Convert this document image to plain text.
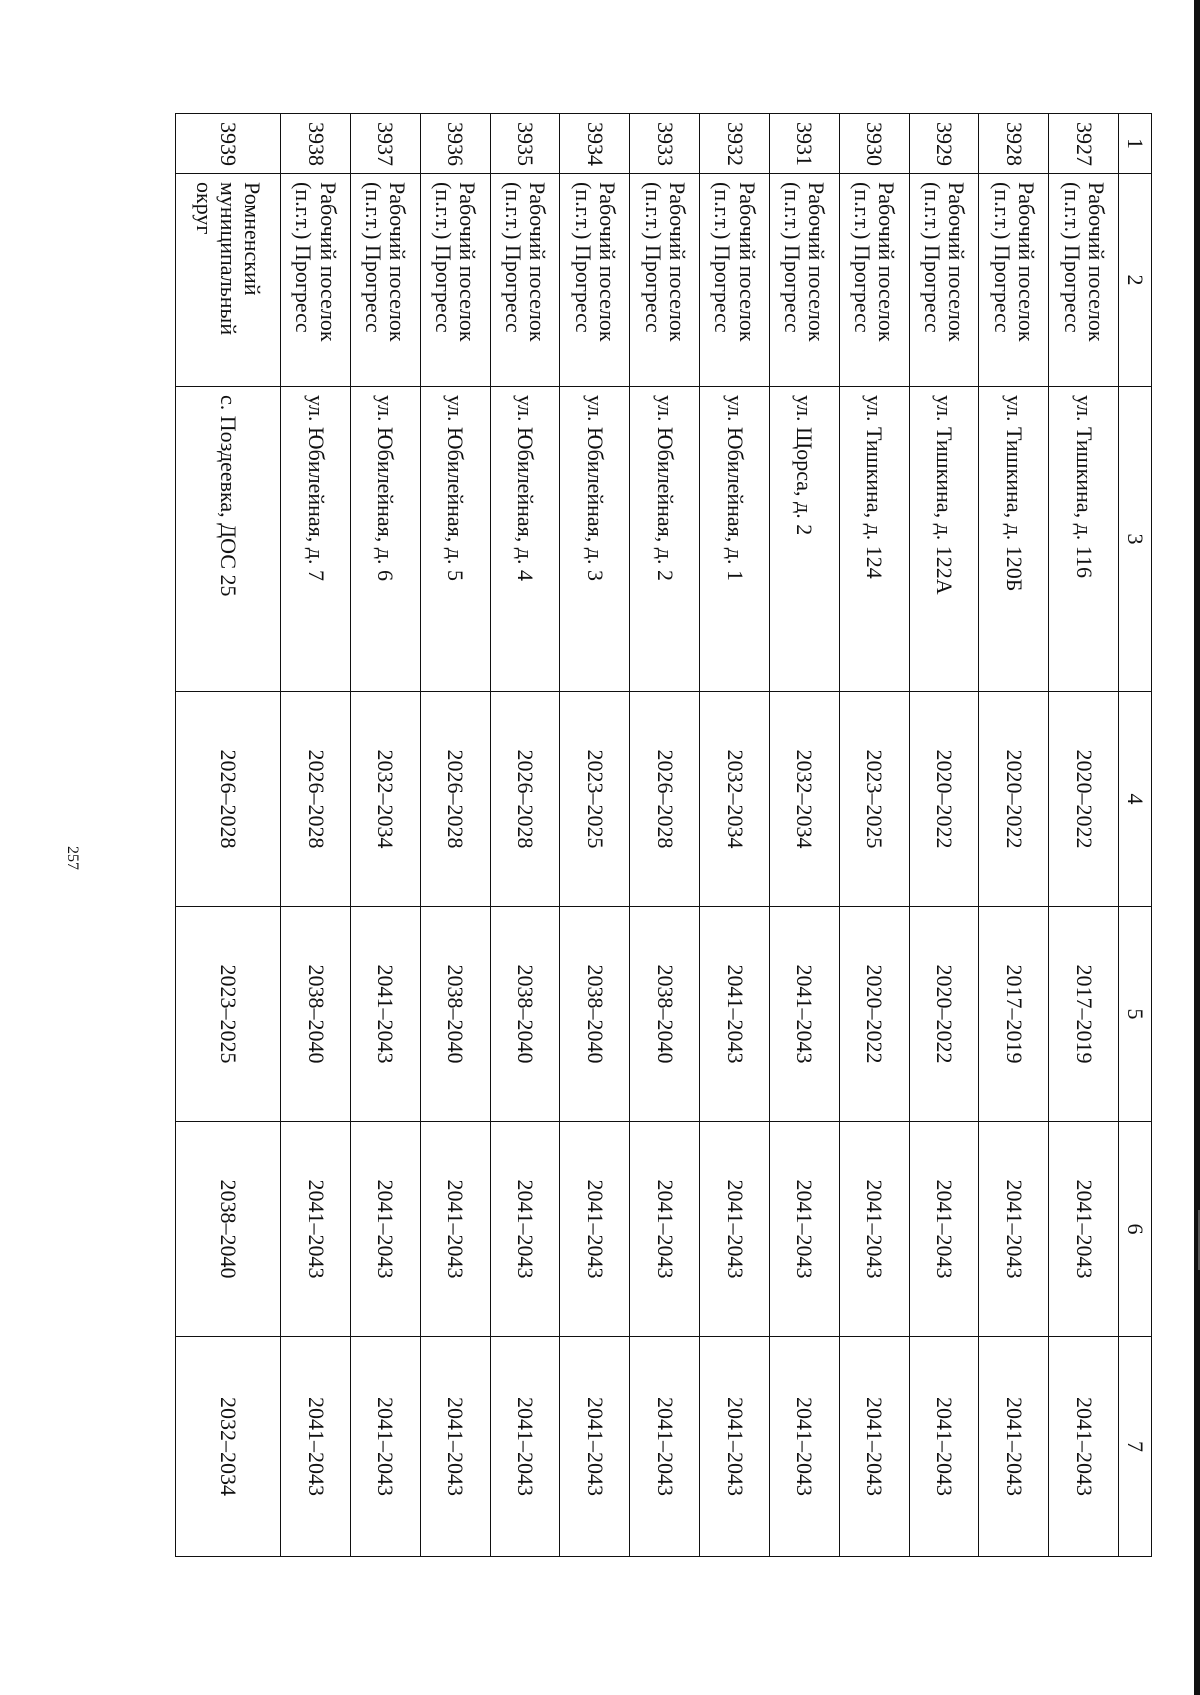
257
1	2	3	4	5	6	7
3927	Рабочий поселок (п.г.т.) Прогресс	ул. Тишкина, д. 116	2020–2022	2017–2019	2041–2043	2041–2043
3928	Рабочий поселок (п.г.т.) Прогресс	ул. Тишкина, д. 120Б	2020–2022	2017–2019	2041–2043	2041–2043
3929	Рабочий поселок (п.г.т.) Прогресс	ул. Тишкина, д. 122А	2020–2022	2020–2022	2041–2043	2041–2043
3930	Рабочий поселок (п.г.т.) Прогресс	ул. Тишкина, д. 124	2023–2025	2020–2022	2041–2043	2041–2043
3931	Рабочий поселок (п.г.т.) Прогресс	ул. Щорса, д. 2	2032–2034	2041–2043	2041–2043	2041–2043
3932	Рабочий поселок (п.г.т.) Прогресс	ул. Юбилейная, д. 1	2032–2034	2041–2043	2041–2043	2041–2043
3933	Рабочий поселок (п.г.т.) Прогресс	ул. Юбилейная, д. 2	2026–2028	2038–2040	2041–2043	2041–2043
3934	Рабочий поселок (п.г.т.) Прогресс	ул. Юбилейная, д. 3	2023–2025	2038–2040	2041–2043	2041–2043
3935	Рабочий поселок (п.г.т.) Прогресс	ул. Юбилейная, д. 4	2026–2028	2038–2040	2041–2043	2041–2043
3936	Рабочий поселок (п.г.т.) Прогресс	ул. Юбилейная, д. 5	2026–2028	2038–2040	2041–2043	2041–2043
3937	Рабочий поселок (п.г.т.) Прогресс	ул. Юбилейная, д. 6	2032–2034	2041–2043	2041–2043	2041–2043
3938	Рабочий поселок (п.г.т.) Прогресс	ул. Юбилейная, д. 7	2026–2028	2038–2040	2041–2043	2041–2043
3939	Ромненский муниципальный округ	с. Поздеевка, ДОС 25	2026–2028	2023–2025	2038–2040	2032–2034
